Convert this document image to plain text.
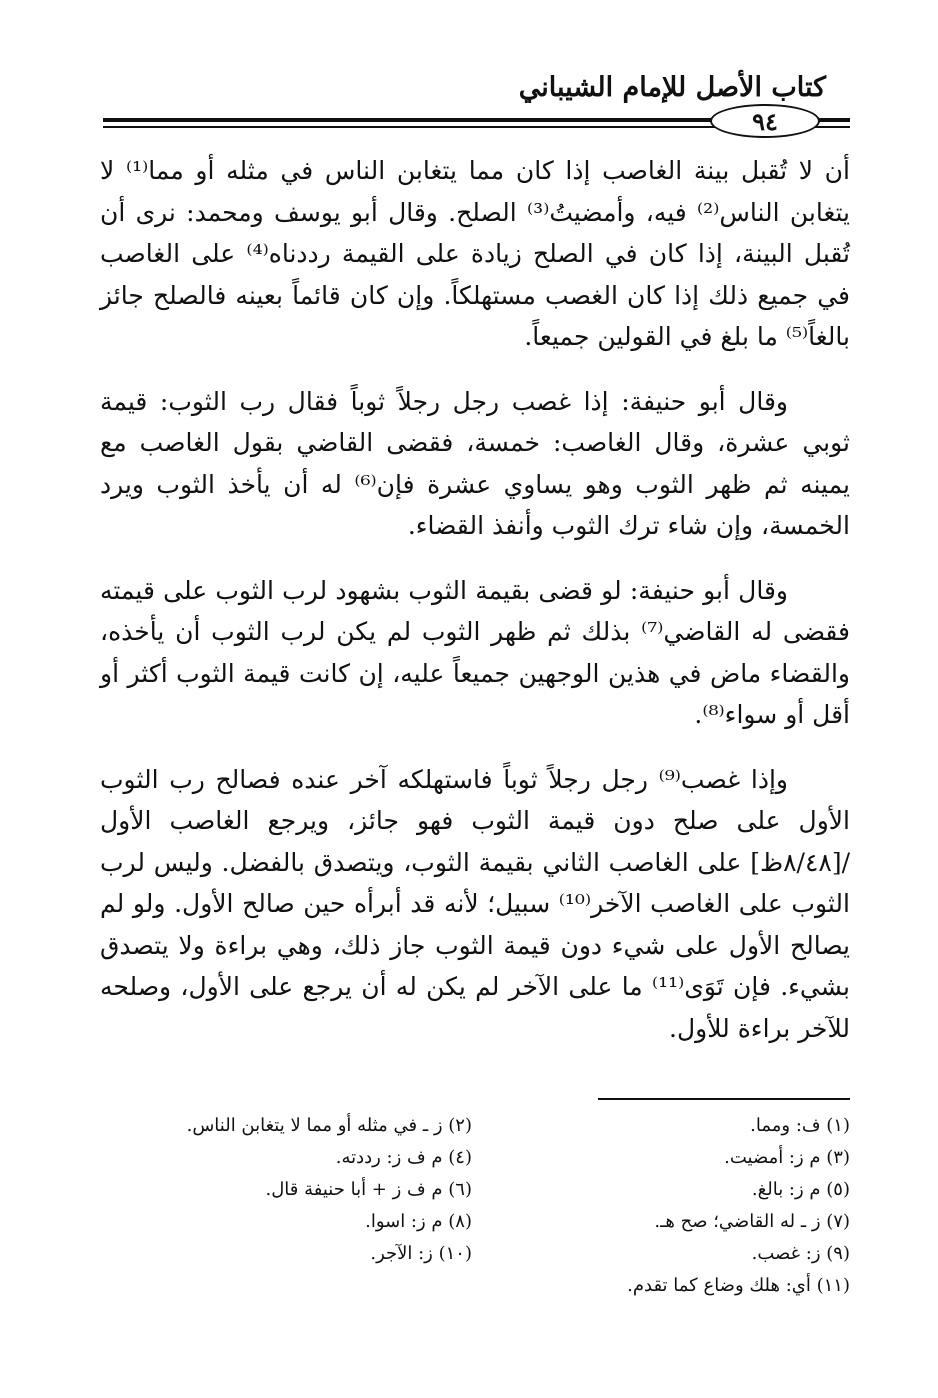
كتاب الأصل للإمام الشيباني
٩٤

أن لا تُقبل بينة الغاصب إذا كان مما يتغابن الناس في مثله أو مما⁽¹⁾ لا يتغابن الناس⁽²⁾ فيه، وأمضيتُ⁽³⁾ الصلح. وقال أبو يوسف ومحمد: نرى أن تُقبل البينة، إذا كان في الصلح زيادة على القيمة رددناه⁽⁴⁾ على الغاصب في جميع ذلك إذا كان الغصب مستهلكاً. وإن كان قائماً بعينه فالصلح جائز بالغاً⁽⁵⁾ ما بلغ في القولين جميعاً.

وقال أبو حنيفة: إذا غصب رجل رجلاً ثوباً فقال رب الثوب: قيمة ثوبي عشرة، وقال الغاصب: خمسة، فقضى القاضي بقول الغاصب مع يمينه ثم ظهر الثوب وهو يساوي عشرة فإن⁽⁶⁾ له أن يأخذ الثوب ويرد الخمسة، وإن شاء ترك الثوب وأنفذ القضاء.

وقال أبو حنيفة: لو قضى بقيمة الثوب بشهود لرب الثوب على قيمته فقضى له القاضي⁽⁷⁾ بذلك ثم ظهر الثوب لم يكن لرب الثوب أن يأخذه، والقضاء ماض في هذين الوجهين جميعاً عليه، إن كانت قيمة الثوب أكثر أو أقل أو سواء⁽⁸⁾.

وإذا غصب⁽⁹⁾ رجل رجلاً ثوباً فاستهلكه آخر عنده فصالح رب الثوب الأول على صلح دون قيمة الثوب فهو جائز، ويرجع الغاصب الأول /[٨/٤٨ظ] على الغاصب الثاني بقيمة الثوب، ويتصدق بالفضل. وليس لرب الثوب على الغاصب الآخر⁽¹⁰⁾ سبيل؛ لأنه قد أبرأه حين صالح الأول. ولو لم يصالح الأول على شيء دون قيمة الثوب جاز ذلك، وهي براءة ولا يتصدق بشيء. فإن تَوَى⁽¹¹⁾ ما على الآخر لم يكن له أن يرجع على الأول، وصلحه للآخر براءة للأول.

(١) ف: ومما.
(٢) ز ـ في مثله أو مما لا يتغابن الناس.
(٣) م ز: أمضيت.
(٤) م ف ز: رددته.
(٥) م ز: بالغ.
(٦) م ف ز + أبا حنيفة قال.
(٧) ز ـ له القاضي؛ صح هـ.
(٨) م ز: اسوا.
(٩) ز: غصب.
(١٠) ز: الآجر.
(١١) أي: هلك وضاع كما تقدم.
